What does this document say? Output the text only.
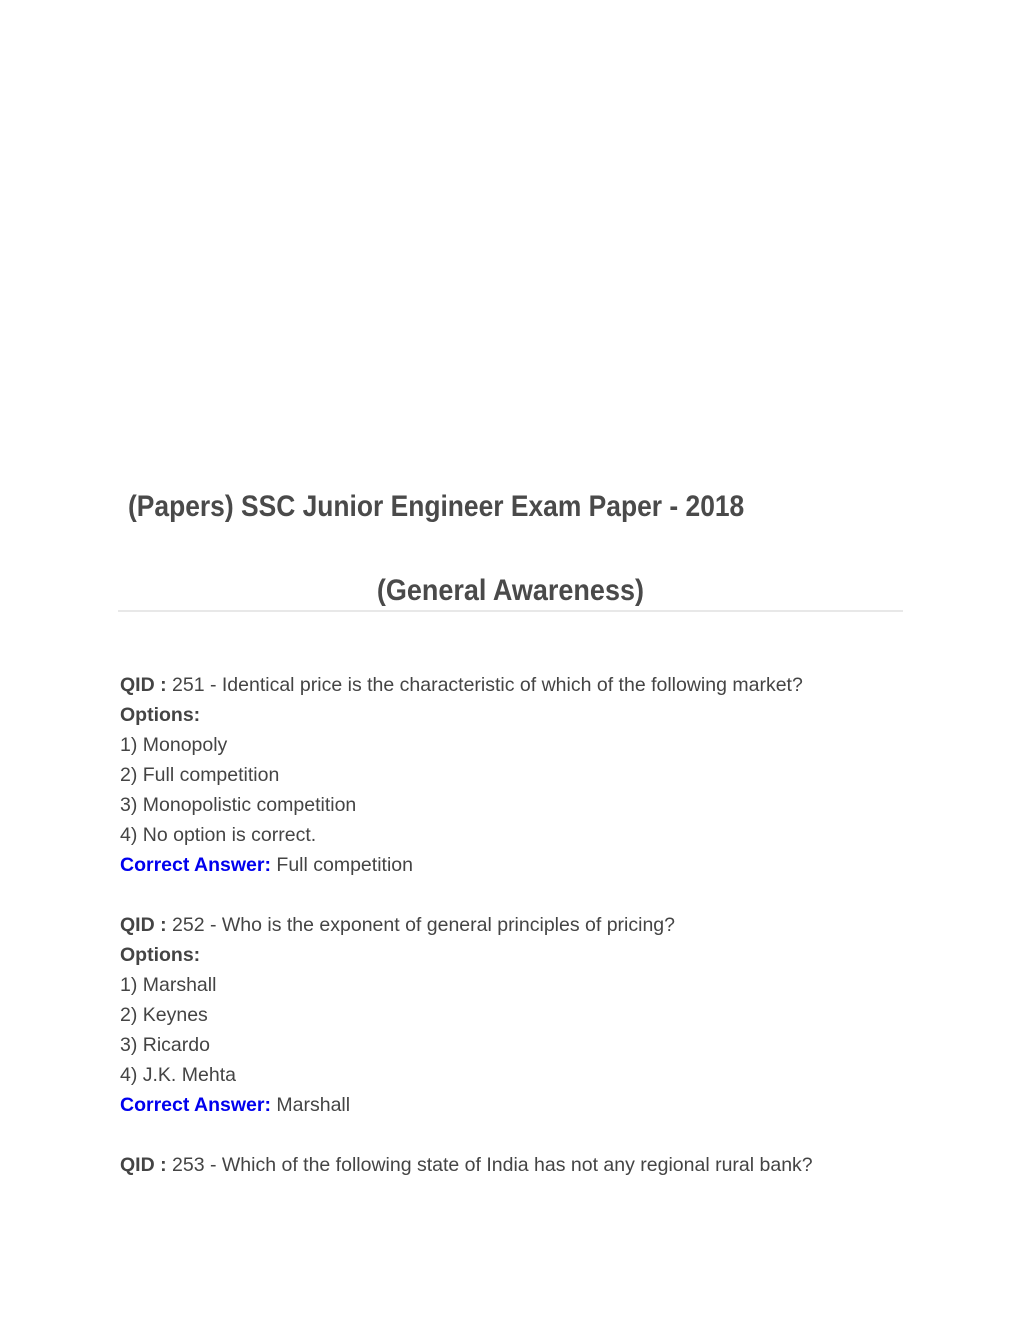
(Papers) SSC Junior Engineer Exam Paper - 2018
(General Awareness)
QID : 251 - Identical price is the characteristic of which of the following market?
Options:
1) Monopoly
2) Full competition
3) Monopolistic competition
4) No option is correct.
Correct Answer: Full competition
QID : 252 - Who is the exponent of general principles of pricing?
Options:
1) Marshall
2) Keynes
3) Ricardo
4) J.K. Mehta
Correct Answer: Marshall
QID : 253 - Which of the following state of India has not any regional rural bank?
